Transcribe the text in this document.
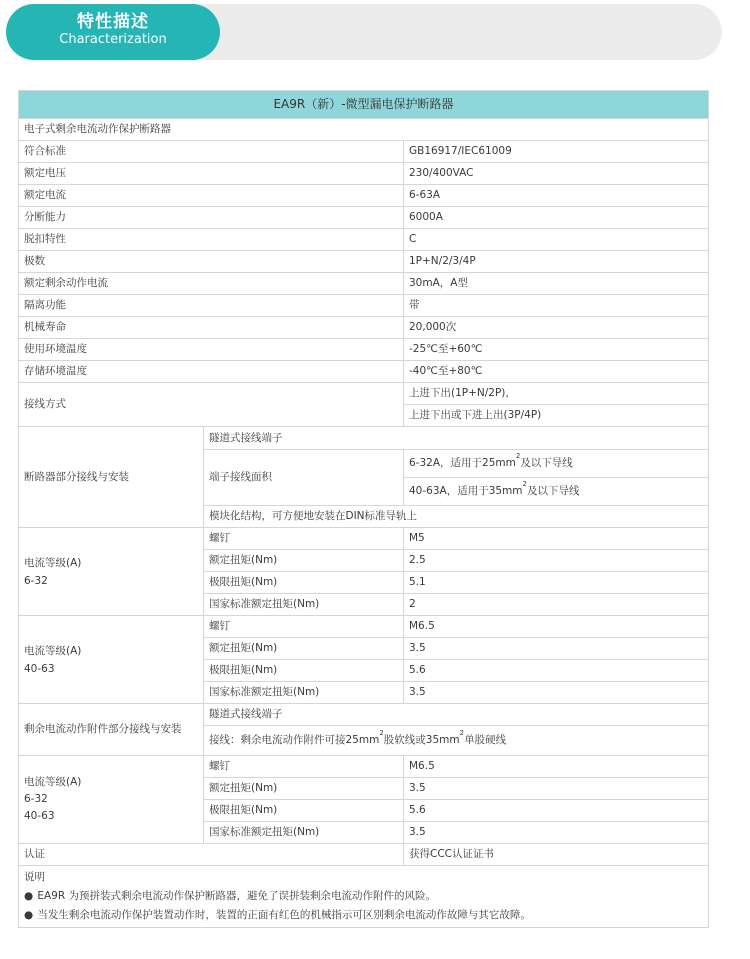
特性描述
Characterization
EA9R（新）-微型漏电保护断路器		
电子式剩余电流动作保护断路器		
符合标准		GB16917/IEC61009
额定电压		230/400VAC
额定电流		6-63A
分断能力		6000A
脱扣特性		C
极数		1P+N/2/3/4P
额定剩余动作电流		30mA，A型
隔离功能		带
机械寿命		20,000次
使用环境温度		-25℃至+60℃
存储环境温度		-40℃至+80℃
接线方式		上进下出(1P+N/2P)，
		上进下出或下进上出(3P/4P)
断路器部分接线与安装	隧道式接线端子	
	端子接线面积	6-32A，适用于$25mm^2$及以下导线
		40-63A，适用于$35mm^2$及以下导线
	模块化结构，可方便地安装在DIN标准导轨上	

电流等级(A)
6-32	螺钉	M5
	额定扭矩(Nm)	2.5
	极限扭矩(Nm)	5.1
	国家标准额定扭矩(Nm)	2

电流等级(A)
40-63	螺钉	M6.5
	额定扭矩(Nm)	3.5
	极限扭矩(Nm)	5.6
	国家标准额定扭矩(Nm)	3.5
剩余电流动作附件部分接线与安装	隧道式接线端子	
	接线：剩余电流动作附件可接$25mm^2$股软线或$35mm^2$单股硬线	

电流等级(A)
6-32
40-63	螺钉	M6.5
	额定扭矩(Nm)	3.5
	极限扭矩(Nm)	5.6
	国家标准额定扭矩(Nm)	3.5
认证		获得CCC认证证书

说明
● EA9R 为预拼装式剩余电流动作保护断路器，避免了误拼装剩余电流动作附件的风险。
● 当发生剩余电流动作保护装置动作时，装置的正面有红色的机械指示可区别剩余电流动作故障与其它故障。		
